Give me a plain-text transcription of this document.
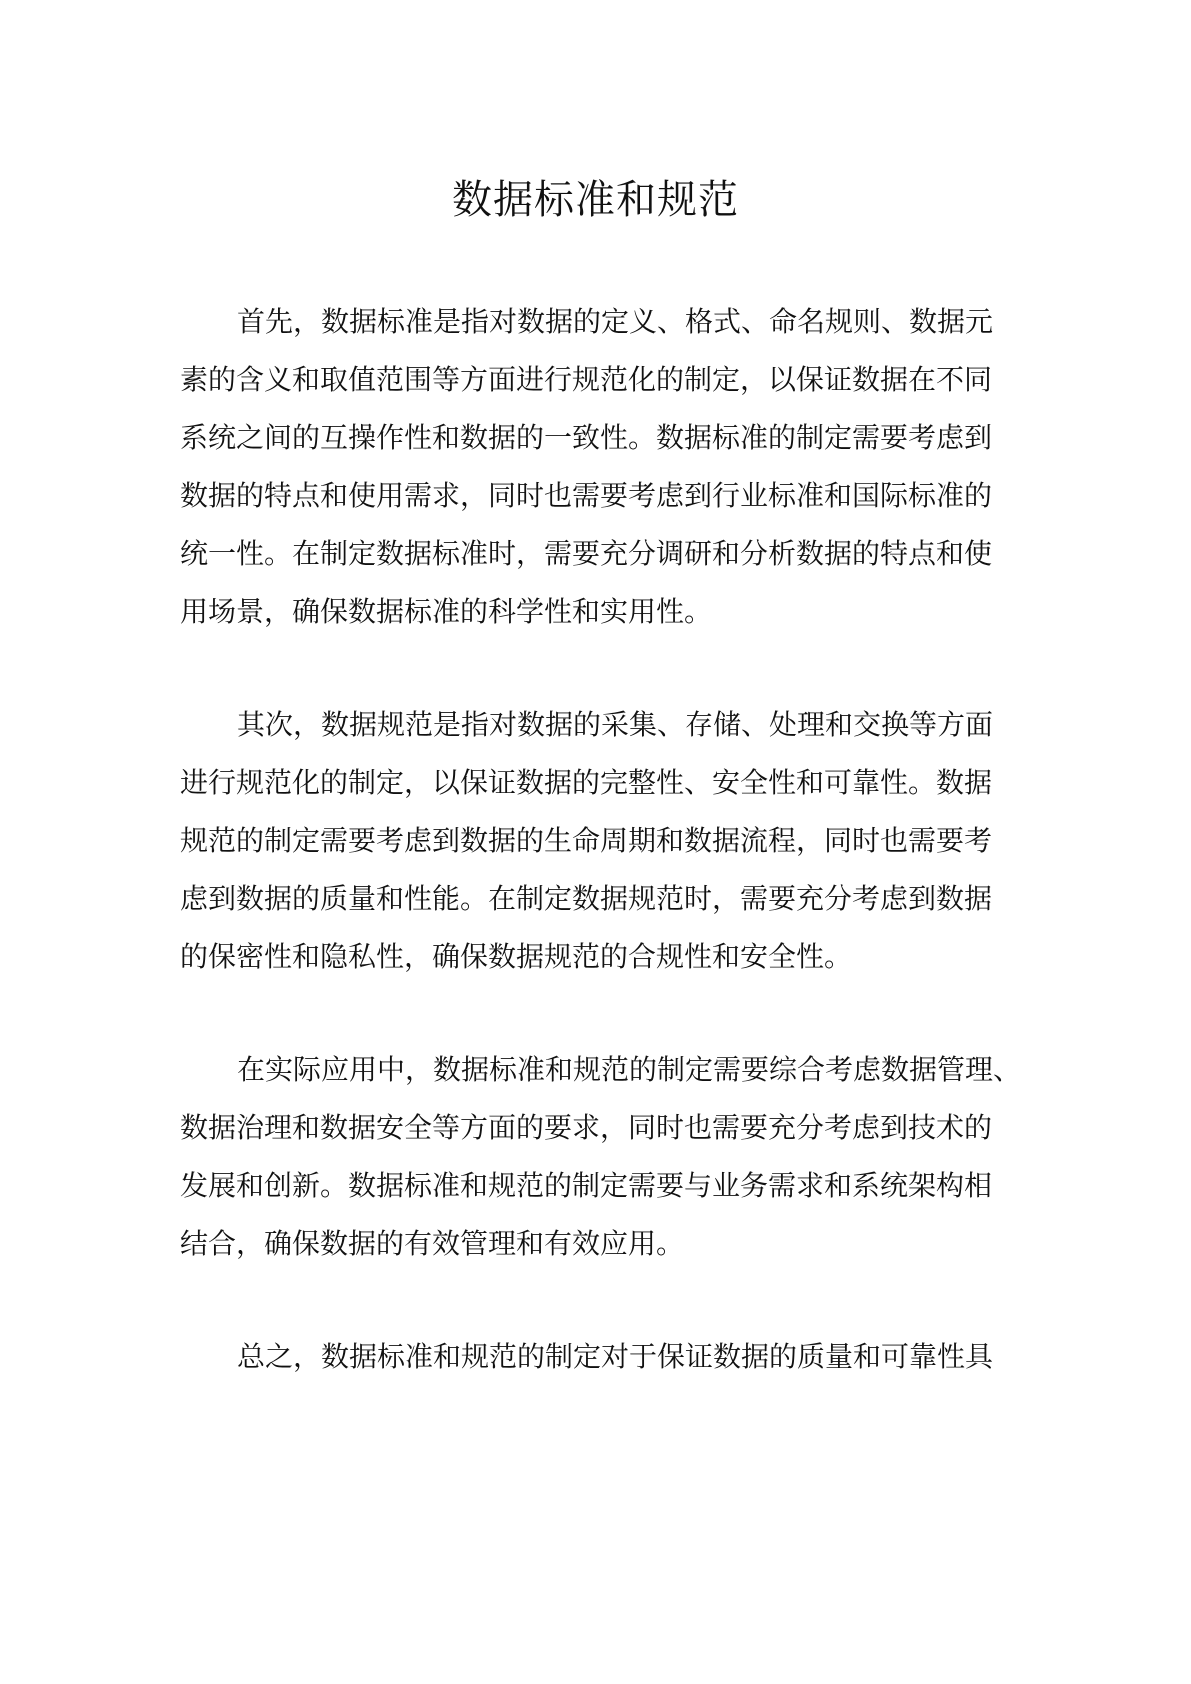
数据标准和规范

首先，数据标准是指对数据的定义、格式、命名规则、数据元

素的含义和取值范围等方面进行规范化的制定，以保证数据在不同

系统之间的互操作性和数据的一致性。数据标准的制定需要考虑到

数据的特点和使用需求，同时也需要考虑到行业标准和国际标准的

统一性。在制定数据标准时，需要充分调研和分析数据的特点和使

用场景，确保数据标准的科学性和实用性。

其次，数据规范是指对数据的采集、存储、处理和交换等方面

进行规范化的制定，以保证数据的完整性、安全性和可靠性。数据

规范的制定需要考虑到数据的生命周期和数据流程，同时也需要考

虑到数据的质量和性能。在制定数据规范时，需要充分考虑到数据

的保密性和隐私性，确保数据规范的合规性和安全性。

在实际应用中，数据标准和规范的制定需要综合考虑数据管理、

数据治理和数据安全等方面的要求，同时也需要充分考虑到技术的

发展和创新。数据标准和规范的制定需要与业务需求和系统架构相

结合，确保数据的有效管理和有效应用。

总之，数据标准和规范的制定对于保证数据的质量和可靠性具
